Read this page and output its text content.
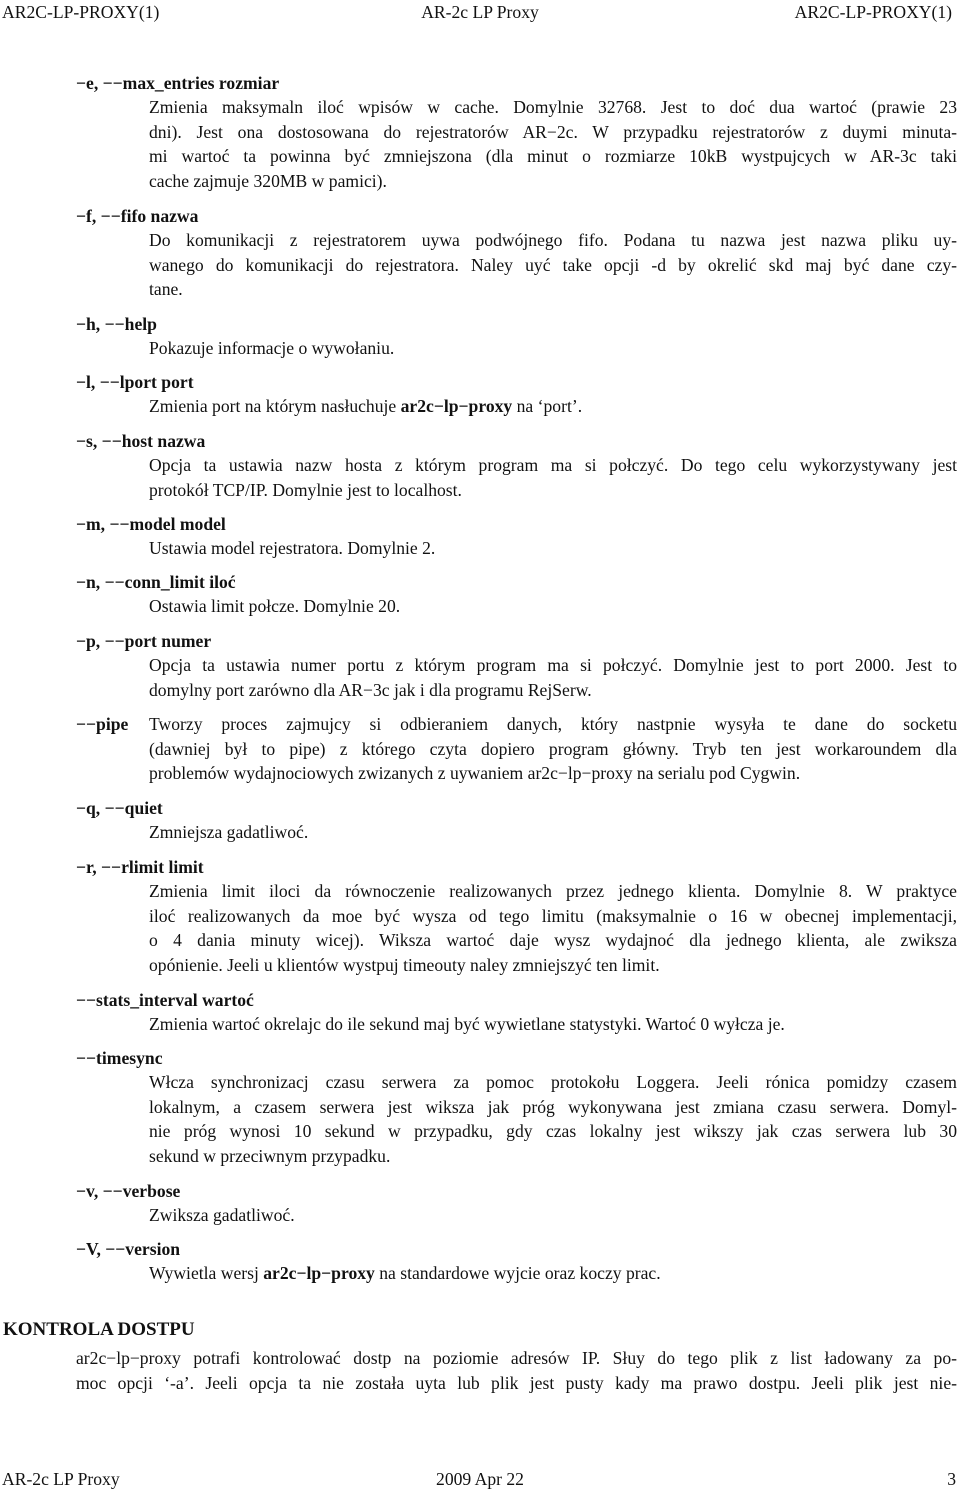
AR2C-LP-PROXY(1)	AR-2c LP Proxy	AR2C-LP-PROXY(1)
−e, −−max_entries rozmiar
Zmienia maksymaln iloć wpisów w cache. Domylnie 32768. Jest to doć dua wartoć (prawie 23
dni). Jest ona dostosowana do rejestratorów AR−2c. W przypadku rejestratorów z duymi minuta-
mi wartoć ta powinna być zmniejszona (dla minut o rozmiarze 10kB wystpujcych w AR-3c taki
cache zajmuje 320MB w pamici).
−f, −−fifo nazwa
Do komunikacji z rejestratorem uywa podwójnego fifo. Podana tu nazwa jest nazwa pliku uy-
wanego do komunikacji do rejestratora. Naley uyć take opcji -d by okrelić skd maj być dane czy-
tane.
−h, −−help
Pokazuje informacje o wywołaniu.
−l, −−lport port
Zmienia port na którym nasłuchuje ar2c−lp−proxy na ‘port’.
−s, −−host nazwa
Opcja ta ustawia nazw hosta z którym program ma si połczyć. Do tego celu wykorzystywany jest
protokół TCP/IP. Domylnie jest to localhost.
−m, −−model model
Ustawia model rejestratora. Domylnie 2.
−n, −−conn_limit iloć
Ostawia limit połcze. Domylnie 20.
−p, −−port numer
Opcja ta ustawia numer portu z którym program ma si połczyć. Domylnie jest to port 2000. Jest to
domylny port zarówno dla AR−3c jak i dla programu RejSerw.
−−pipe Tworzy proces zajmujcy si odbieraniem danych, który nastpnie wysyła te dane do socketu
(dawniej był to pipe) z którego czyta dopiero program główny. Tryb ten jest workaroundem dla
problemów wydajnociowych zwizanych z uywaniem ar2c−lp−proxy na serialu pod Cygwin.
−q, −−quiet
Zmniejsza gadatliwoć.
−r, −−rlimit limit
Zmienia limit iloci da równoczenie realizowanych przez jednego klienta. Domylnie 8. W praktyce
iloć realizowanych da moe być wysza od tego limitu (maksymalnie o 16 w obecnej implementacji,
o 4 dania minuty wicej). Wiksza wartoć daje wysz wydajnoć dla jednego klienta, ale zwiksza
opónienie. Jeeli u klientów wystpuj timeouty naley zmniejszyć ten limit.
−−stats_interval wartoć
Zmienia wartoć okrelajc do ile sekund maj być wywietlane statystyki. Wartoć 0 wyłcza je.
−−timesync
Włcza synchronizacj czasu serwera za pomoc protokołu Loggera. Jeeli rónica pomidzy czasem
lokalnym, a czasem serwera jest wiksza jak próg wykonywana jest zmiana czasu serwera. Domyl-
nie próg wynosi 10 sekund w przypadku, gdy czas lokalny jest wikszy jak czas serwera lub 30
sekund w przeciwnym przypadku.
−v, −−verbose
Zwiksza gadatliwoć.
−V, −−version
Wywietla wersj ar2c−lp−proxy na standardowe wyjcie oraz koczy prac.
KONTROLA DOSTPU
ar2c−lp−proxy potrafi kontrolować dostp na poziomie adresów IP. Słuy do tego plik z list ładowany za po-
moc opcji ‘-a’. Jeeli opcja ta nie została uyta lub plik jest pusty kady ma prawo dostpu. Jeeli plik jest nie-
AR-2c LP Proxy	2009 Apr 22	3
